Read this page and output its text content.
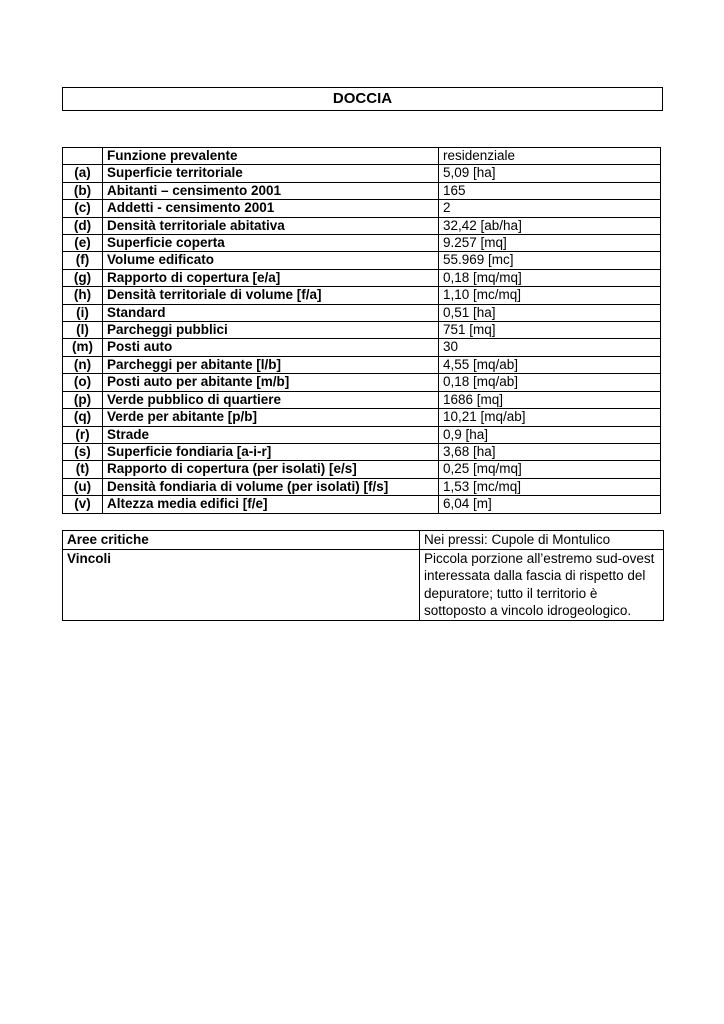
DOCCIA
	Funzione prevalente	residenziale
(a)	Superficie territoriale	5,09 [ha]
(b)	Abitanti – censimento 2001	165
(c)	Addetti - censimento 2001	2
(d)	Densità territoriale abitativa	32,42 [ab/ha]
(e)	Superficie coperta	9.257 [mq]
(f)	Volume edificato	55.969 [mc]
(g)	Rapporto di copertura [e/a]	0,18 [mq/mq]
(h)	Densità territoriale di volume [f/a]	1,10 [mc/mq]
(i)	Standard	0,51 [ha]
(l)	Parcheggi pubblici	751 [mq]
(m)	Posti auto	30
(n)	Parcheggi per abitante [l/b]	4,55 [mq/ab]
(o)	Posti auto per abitante [m/b]	0,18 [mq/ab]
(p)	Verde pubblico di quartiere	1686 [mq]
(q)	Verde per abitante [p/b]	10,21 [mq/ab]
(r)	Strade	0,9 [ha]
(s)	Superficie fondiaria [a-i-r]	3,68 [ha]
(t)	Rapporto di copertura (per isolati) [e/s]	0,25 [mq/mq]
(u)	Densità fondiaria di volume (per isolati) [f/s]	1,53 [mc/mq]
(v)	Altezza media edifici [f/e]	6,04 [m]
Aree critiche	Nei pressi: Cupole di Montulico
Vincoli	Piccola porzione all’estremo sud-ovest interessata dalla fascia di rispetto del depuratore; tutto il territorio è sottoposto a vincolo idrogeologico.
